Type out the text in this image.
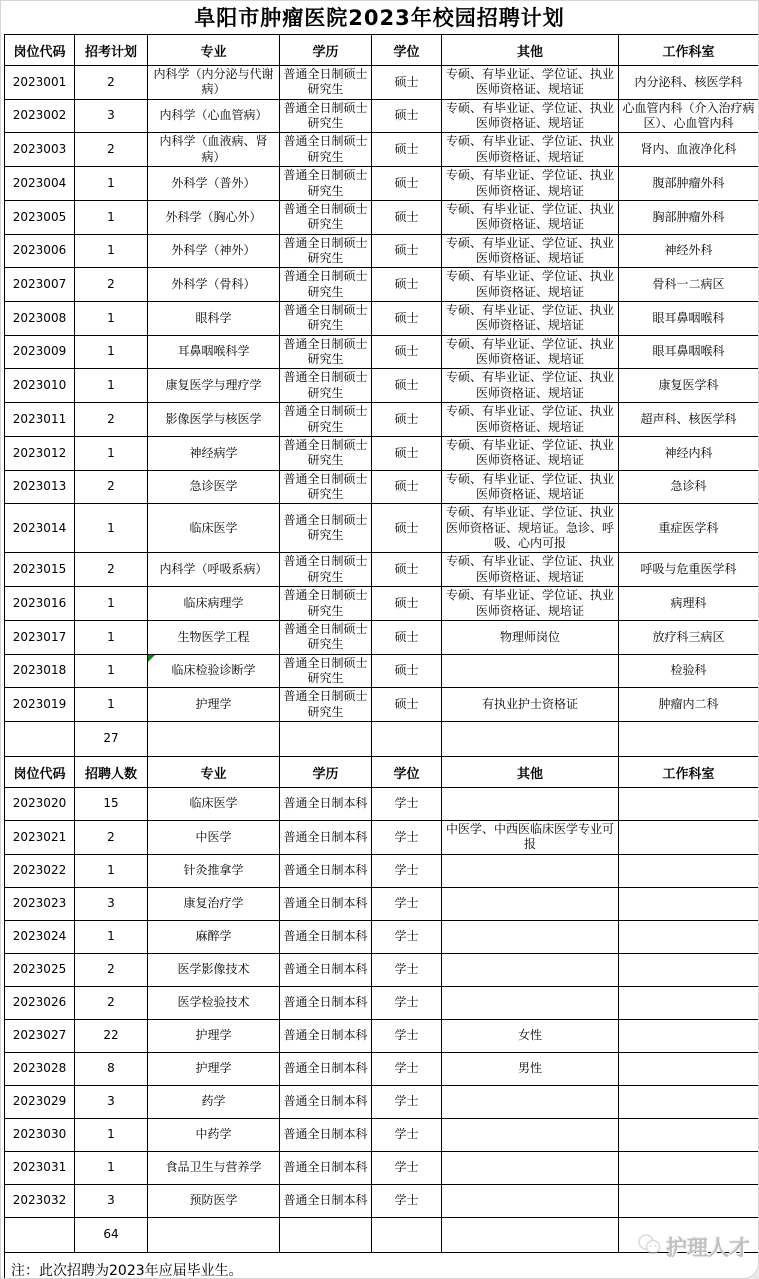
阜阳市肿瘤医院2023年校园招聘计划
岗位代码	招考计划	专业	学历	学位	其他	工作科室
2023001	2	内科学（内分泌与代谢病）	普通全日制硕士研究生	硕士	专硕、有毕业证、学位证、执业医师资格证、规培证	内分泌科、核医学科
2023002	3	内科学（心血管病）	普通全日制硕士研究生	硕士	专硕、有毕业证、学位证、执业医师资格证、规培证	心血管内科（介入治疗病区）、心血管内科
2023003	2	内科学（血液病、肾病）	普通全日制硕士研究生	硕士	专硕、有毕业证、学位证、执业医师资格证、规培证	肾内、血液净化科
2023004	1	外科学（普外）	普通全日制硕士研究生	硕士	专硕、有毕业证、学位证、执业医师资格证、规培证	腹部肿瘤外科
2023005	1	外科学（胸心外）	普通全日制硕士研究生	硕士	专硕、有毕业证、学位证、执业医师资格证、规培证	胸部肿瘤外科
2023006	1	外科学（神外）	普通全日制硕士研究生	硕士	专硕、有毕业证、学位证、执业医师资格证、规培证	神经外科
2023007	2	外科学（骨科）	普通全日制硕士研究生	硕士	专硕、有毕业证、学位证、执业医师资格证、规培证	骨科一二病区
2023008	1	眼科学	普通全日制硕士研究生	硕士	专硕、有毕业证、学位证、执业医师资格证、规培证	眼耳鼻咽喉科
2023009	1	耳鼻咽喉科学	普通全日制硕士研究生	硕士	专硕、有毕业证、学位证、执业医师资格证、规培证	眼耳鼻咽喉科
2023010	1	康复医学与理疗学	普通全日制硕士研究生	硕士	专硕、有毕业证、学位证、执业医师资格证、规培证	康复医学科
2023011	2	影像医学与核医学	普通全日制硕士研究生	硕士	专硕、有毕业证、学位证、执业医师资格证、规培证	超声科、核医学科
2023012	1	神经病学	普通全日制硕士研究生	硕士	专硕、有毕业证、学位证、执业医师资格证、规培证	神经内科
2023013	2	急诊医学	普通全日制硕士研究生	硕士	专硕、有毕业证、学位证、执业医师资格证、规培证	急诊科
2023014	1	临床医学	普通全日制硕士研究生	硕士	专硕、有毕业证、学位证、执业医师资格证、规培证。急诊、呼吸、心内可报	重症医学科
2023015	2	内科学（呼吸系病）	普通全日制硕士研究生	硕士	专硕、有毕业证、学位证、执业医师资格证、规培证	呼吸与危重医学科
2023016	1	临床病理学	普通全日制硕士研究生	硕士	专硕、有毕业证、学位证、执业医师资格证、规培证	病理科
2023017	1	生物医学工程	普通全日制硕士研究生	硕士	物理师岗位	放疗科三病区
2023018	1	临床检验诊断学	普通全日制硕士研究生	硕士		检验科
2023019	1	护理学	普通全日制硕士研究生	硕士	有执业护士资格证	肿瘤内二科
	27					
岗位代码	招聘人数	专业	学历	学位	其他	工作科室
2023020	15	临床医学	普通全日制本科	学士		
2023021	2	中医学	普通全日制本科	学士	中医学、中西医临床医学专业可报	
2023022	1	针灸推拿学	普通全日制本科	学士		
2023023	3	康复治疗学	普通全日制本科	学士		
2023024	1	麻醉学	普通全日制本科	学士		
2023025	2	医学影像技术	普通全日制本科	学士		
2023026	2	医学检验技术	普通全日制本科	学士		
2023027	22	护理学	普通全日制本科	学士	女性	
2023028	8	护理学	普通全日制本科	学士	男性	
2023029	3	药学	普通全日制本科	学士		
2023030	1	中药学	普通全日制本科	学士		
2023031	1	食品卫生与营养学	普通全日制本科	学士		
2023032	3	预防医学	普通全日制本科	学士		
	64					
注：此次招聘为2023年应届毕业生。
护理人才
